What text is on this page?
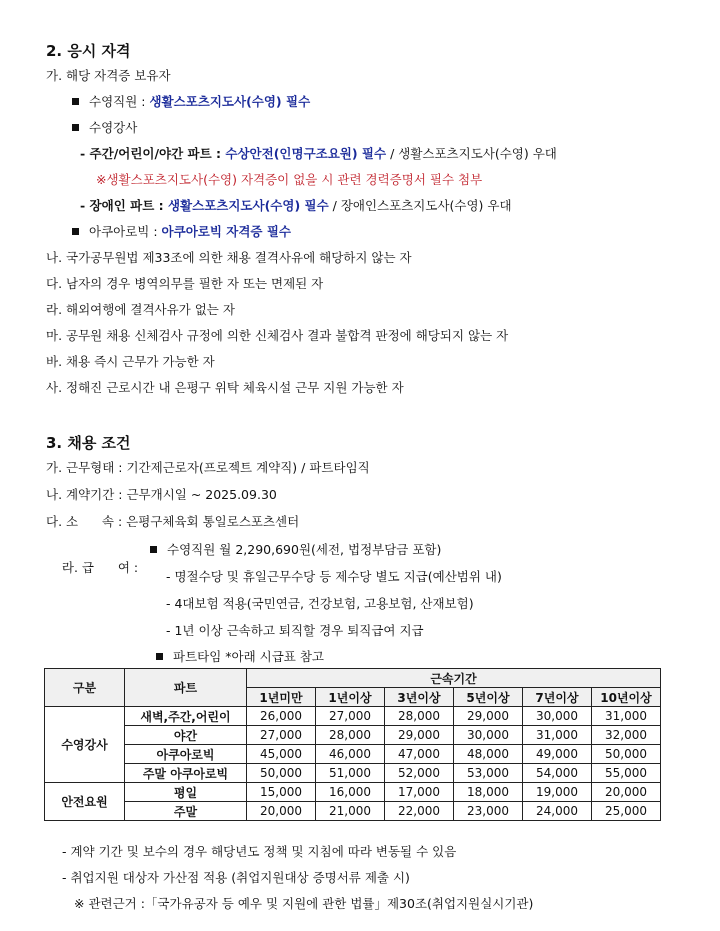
2. 응시 자격
가. 해당 자격증 보유자
수영직원 : 생활스포츠지도사(수영) 필수
수영강사
- 주간/어린이/야간 파트 : 수상안전(인명구조요원) 필수 / 생활스포츠지도사(수영) 우대
※생활스포츠지도사(수영) 자격증이 없을 시 관련 경력증명서 필수 첨부
- 장애인 파트 : 생활스포츠지도사(수영) 필수 / 장애인스포츠지도사(수영) 우대
아쿠아로빅 : 아쿠아로빅 자격증 필수
나. 국가공무원법 제33조에 의한 채용 결격사유에 해당하지 않는 자
다. 남자의 경우 병역의무를 필한 자 또는 면제된 자
라. 해외여행에 결격사유가 없는 자
마. 공무원 채용 신체검사 규정에 의한 신체검사 결과 불합격 판정에 해당되지 않는 자
바. 채용 즉시 근무가 가능한 자
사. 정해진 근로시간 내 은평구 위탁 체육시설 근무 지원 가능한 자
3. 채용 조건
가. 근무형태 : 기간제근로자(프로젝트 계약직) / 파트타임직
나. 계약기간 : 근무개시일 ~ 2025.09.30
다. 소      속 : 은평구체육회 통일로스포츠센터

라. 급      여 :

수영직원 월 2,290,690원(세전, 법정부담금 포함)
- 명절수당 및 휴일근무수당 등 제수당 별도 지급(예산범위 내)
- 4대보험 적용(국민연금, 건강보험, 고용보험, 산재보험)
- 1년 이상 근속하고 퇴직할 경우 퇴직급여 지급
파트타임 *아래 시급표 참고
구분	파트	근속기간					
		1년미만	1년이상	3년이상	5년이상	7년이상	10년이상
수영강사	새벽,주간,어린이	26,000	27,000	28,000	29,000	30,000	31,000
	야간	27,000	28,000	29,000	30,000	31,000	32,000
	아쿠아로빅	45,000	46,000	47,000	48,000	49,000	50,000
	주말 아쿠아로빅	50,000	51,000	52,000	53,000	54,000	55,000
안전요원	평일	15,000	16,000	17,000	18,000	19,000	20,000
	주말	20,000	21,000	22,000	23,000	24,000	25,000
- 계약 기간 및 보수의 경우 해당년도 정책 및 지침에 따라 변동될 수 있음
- 취업지원 대상자 가산점 적용 (취업지원대상 증명서류 제출 시)
※ 관련근거 :「국가유공자 등 예우 및 지원에 관한 법률」제30조(취업지원실시기관)
